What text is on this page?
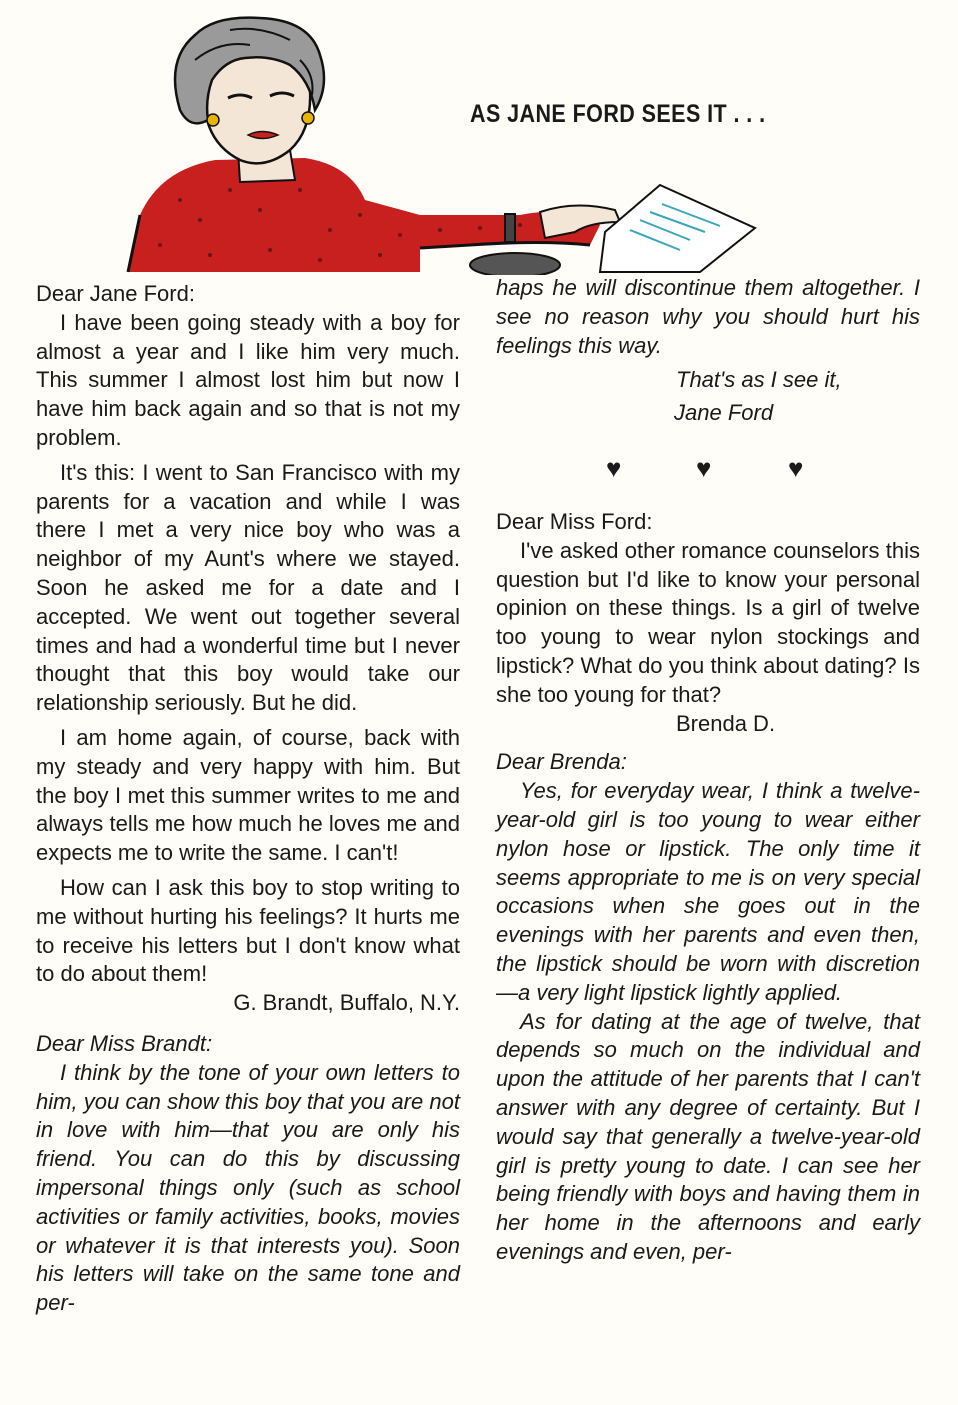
AS JANE FORD SEES IT . . .

Dear Jane Ford:

I have been going steady with a boy for almost a year and I like him very much. This summer I almost lost him but now I have him back again and so that is not my problem.

It's this: I went to San Francisco with my parents for a vacation and while I was there I met a very nice boy who was a neighbor of my Aunt's where we stayed. Soon he asked me for a date and I accepted. We went out together several times and had a wonderful time but I never thought that this boy would take our relationship seriously. But he did.

I am home again, of course, back with my steady and very happy with him. But the boy I met this summer writes to me and always tells me how much he loves me and expects me to write the same. I can't!

How can I ask this boy to stop writing to me without hurting his feelings? It hurts me to receive his letters but I don't know what to do about them!

G. Brandt, Buffalo, N.Y.

Dear Miss Brandt:

I think by the tone of your own letters to him, you can show this boy that you are not in love with him—that you are only his friend. You can do this by discussing impersonal things only (such as school activities or family activities, books, movies or whatever it is that interests you). Soon his letters will take on the same tone and per-

haps he will discontinue them altogether. I see no reason why you should hurt his feelings this way.

That's as I see it,

Jane Ford

♥	♥	♥

Dear Miss Ford:

I've asked other romance counselors this question but I'd like to know your personal opinion on these things. Is a girl of twelve too young to wear nylon stockings and lipstick? What do you think about dating? Is she too young for that?

Brenda D.

Dear Brenda:

Yes, for everyday wear, I think a twelve-year-old girl is too young to wear either nylon hose or lipstick. The only time it seems appropriate to me is on very special occasions when she goes out in the evenings with her parents and even then, the lipstick should be worn with discretion—a very light lipstick lightly applied.

As for dating at the age of twelve, that depends so much on the individual and upon the attitude of her parents that I can't answer with any degree of certainty. But I would say that generally a twelve-year-old girl is pretty young to date. I can see her being friendly with boys and having them in her home in the afternoons and early evenings and even, per-
